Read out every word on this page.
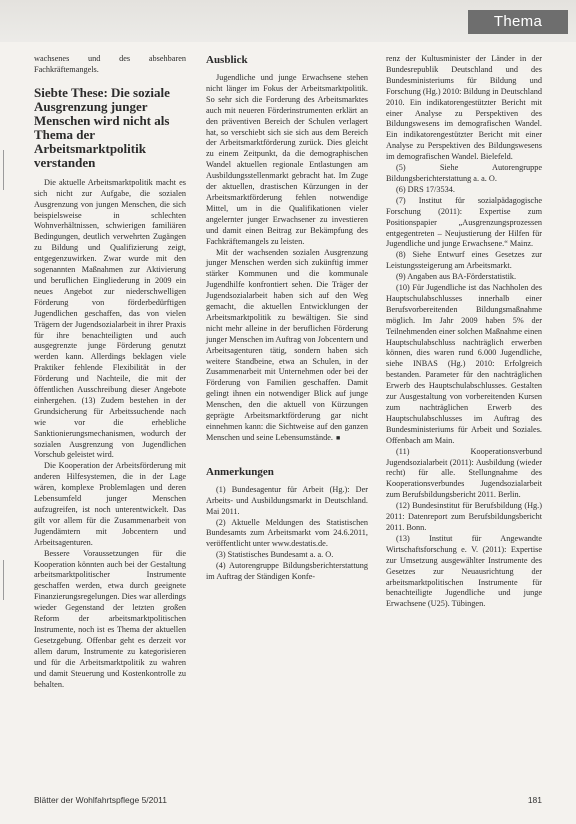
Thema

wachsenes und des absehbaren Fachkräftemangels.

Siebte These: Die soziale Ausgrenzung junger Menschen wird nicht als Thema der Arbeitsmarktpolitik verstanden

Die aktuelle Arbeitsmarktpolitik macht es sich nicht zur Aufgabe, die sozialen Ausgrenzung von jungen Menschen, die sich beispielsweise in schlechten Wohnverhältnissen, schwierigen familiären Bedingungen, deutlich verwehrten Zugängen zu Bildung und Qualifizierung zeigt, entgegenzuwirken. Zwar wurde mit den sogenannten Maßnahmen zur Aktivierung und beruflichen Eingliederung in 2009 ein neues Angebot zur niederschwelligen Förderung von förderbedürftigen Jugendlichen geschaffen, das von vielen Trägern der Jugendsozialarbeit in ihrer Praxis für ihre benachteiligten und auch ausgegrenzte junge Förderung genutzt werden kann. Allerdings beklagen viele Praktiker fehlende Flexibilität in der Förderung und Nachteile, die mit der öffentlichen Ausschreibung dieser Angebote einhergehen. (13) Zudem bestehen in der Grundsicherung für Arbeitssuchende nach wie vor die erhebliche Sanktionierungsmechanismen, wodurch der sozialen Ausgrenzung von Jugendlichen Vorschub geleistet wird.

Die Kooperation der Arbeitsförderung mit anderen Hilfesystemen, die in der Lage wären, komplexe Problemlagen und deren Lebensumfeld junger Menschen aufzugreifen, ist noch unterentwickelt. Das gilt vor allem für die Zusammenarbeit von Jugendämtern mit Jobcentern und Arbeitsagenturen.

Bessere Voraussetzungen für die Kooperation könnten auch bei der Gestaltung arbeitsmarktpolitischer Instrumente geschaffen werden, etwa durch geeignete Finanzierungsregelungen. Dies war allerdings wieder Gegenstand der letzten großen Reform der arbeitsmarktpolitischen Instrumente, noch ist es Thema der aktuellen Gesetzgebung. Offenbar geht es derzeit vor allem darum, Instrumente zu kategorisieren und für die Arbeitsmarktpolitik zu wahren und damit Steuerung und Kostenkontrolle zu behalten.

Ausblick

Jugendliche und junge Erwachsene stehen nicht länger im Fokus der Arbeitsmarktpolitik. So sehr sich die Forderung des Arbeitsmarktes auch mit neueren Förderinstrumenten erklärt an den präventiven Bereich der Schulen verlagert hat, so verschiebt sich sie sich aus dem Bereich der Arbeitsmarktförderung zurück. Dies gleicht zu einem Zeitpunkt, da die demographischen Wandel aktuellen regionale Entlastungen am Ausbildungsstellenmarkt gebracht hat. Im Zuge der aktuellen, drastischen Kürzungen in der Arbeitsmarktförderung fehlen notwendige Mittel, um in die Qualifikationen vieler angelernter junger Erwachsener zu investieren und damit einen Beitrag zur Bekämpfung des Fachkräftemangels zu leisten.

Mit der wachsenden sozialen Ausgrenzung junger Menschen werden sich zukünftig immer stärker Kommunen und die kommunale Jugendhilfe konfrontiert sehen. Die Träger der Jugendsozialarbeit haben sich auf den Weg gemacht, die aktuellen Entwicklungen der Arbeitsmarktpolitik zu bewältigen. Sie sind nicht mehr alleine in der beruflichen Förderung junger Menschen im Auftrag von Jobcentern und Arbeitsagenturen tätig, sondern haben sich weitere Standbeine, etwa an Schulen, in der Zusammenarbeit mit Unternehmen oder bei der Förderung von Familien geschaffen. Damit gelingt ihnen ein notwendiger Blick auf junge Menschen, den die aktuell von Kürzungen geprägte Arbeitsmarktförderung gar nicht einnehmen kann: die Sichtweise auf den ganzen Menschen und seine Lebensumstände. ■

Anmerkungen

(1) Bundesagentur für Arbeit (Hg.): Der Arbeits- und Ausbildungsmarkt in Deutschland. Mai 2011.

(2) Aktuelle Meldungen des Statistischen Bundesamts zum Arbeitsmarkt vom 24.6.2011, veröffentlicht unter www.destatis.de.

(3) Statistisches Bundesamt a. a. O.

(4) Autorengruppe Bildungsberichterstattung im Auftrag der Ständigen Konfe-

renz der Kultusminister der Länder in der Bundesrepublik Deutschland und des Bundesministeriums für Bildung und Forschung (Hg.) 2010: Bildung in Deutschland 2010. Ein indikatorengestützter Bericht mit einer Analyse zu Perspektiven des Bildungswesens im demografischen Wandel. Ein indikatorengestützter Bericht mit einer Analyse zu Perspektiven des Bildungswesens im demografischen Wandel. Bielefeld.

(5) Siehe Autorengruppe Bildungsberichterstattung a. a. O.

(6) DRS 17/3534.

(7) Institut für sozialpädagogische Forschung (2011): Expertise zum Positionspapier „Ausgrenzungsprozessen entgegentreten – Neujustierung der Hilfen für Jugendliche und junge Erwachsene.“ Mainz.

(8) Siehe Entwurf eines Gesetzes zur Leistungssteigerung am Arbeitsmarkt.

(9) Angaben aus BA-Förderstatistik.

(10) Für Jugendliche ist das Nachholen des Hauptschulabschlusses innerhalb einer Berufsvorbereitenden Bildungsmaßnahme möglich. Im Jahr 2009 haben 5% der Teilnehmenden einer solchen Maßnahme einen Hauptschulabschluss nachträglich erwerben können, dies waren rund 6.000 Jugendliche, siehe INBAS (Hg.) 2010: Erfolgreich bestanden. Parameter für den nachträglichen Erwerb des Hauptschulabschlusses. Gestalten zur Ausgestaltung von vorbereitenden Kursen zum nachträglichen Erwerb des Hauptschulabschlusses im Auftrag des Bundesministeriums für Arbeit und Soziales. Offenbach am Main.

(11) Kooperationsverbund Jugendsozialarbeit (2011): Ausbildung (wieder recht) für alle. Stellungnahme des Kooperationsverbundes Jugendsozialarbeit zum Berufsbildungsbericht 2011. Berlin.

(12) Bundesinstitut für Berufsbildung (Hg.) 2011: Datenreport zum Berufsbildungsbericht 2011. Bonn.

(13) Institut für Angewandte Wirtschaftsforschung e. V. (2011): Expertise zur Umsetzung ausgewählter Instrumente des Gesetzes zur Neuausrichtung der arbeitsmarktpolitischen Instrumente für benachteiligte Jugendliche und junge Erwachsene (U25). Tübingen.

Blätter der Wohlfahrtspflege 5/2011	181
